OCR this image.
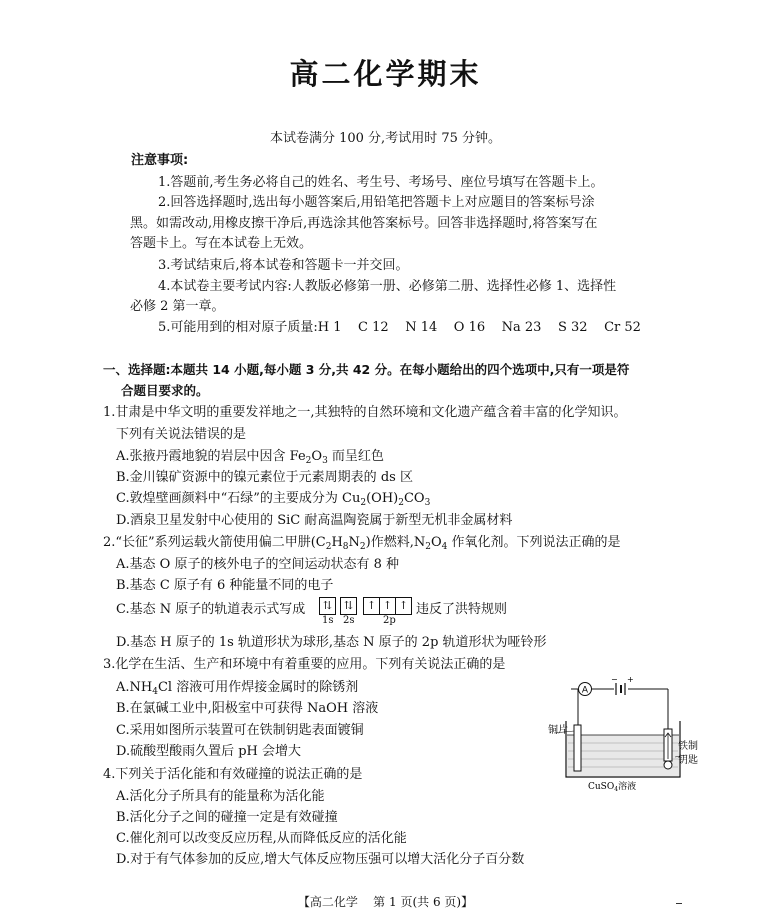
高二化学期末
本试卷满分 100 分,考试用时 75 分钟。
注意事项:
1.答题前,考生务必将自己的姓名、考生号、考场号、座位号填写在答题卡上。
2.回答选择题时,选出每小题答案后,用铅笔把答题卡上对应题目的答案标号涂
黑。如需改动,用橡皮擦干净后,再选涂其他答案标号。回答非选择题时,将答案写在
答题卡上。写在本试卷上无效。
3.考试结束后,将本试卷和答题卡一并交回。
4.本试卷主要考试内容:人教版必修第一册、必修第二册、选择性必修 1、选择性
必修 2 第一章。
5.可能用到的相对原子质量:H 1    C 12    N 14    O 16    Na 23    S 32    Cr 52
一、选择题:本题共 14 小题,每小题 3 分,共 42 分。在每小题给出的四个选项中,只有一项是符
合题目要求的。
1.甘肃是中华文明的重要发祥地之一,其独特的自然环境和文化遗产蕴含着丰富的化学知识。
下列有关说法错误的是
A.张掖丹霞地貌的岩层中因含 $Fe_2O_3$ 而呈红色
B.金川镍矿资源中的镍元素位于元素周期表的 ds 区
C.敦煌壁画颜料中“石绿”的主要成分为 $Cu_2(OH)_2CO_3$
D.酒泉卫星发射中心使用的 SiC 耐高温陶瓷属于新型无机非金属材料
2.“长征”系列运载火箭使用偏二甲肼$(C_2H_8N_2)$作燃料$,N_2O_4$ 作氧化剂。下列说法正确的是
A.基态 O 原子的核外电子的空间运动状态有 8 种
B.基态 C 原子有 6 种能量不同的电子
C.基态 N 原子的轨道表示式写成 ⇅ ⇅ ↑ ↑ ↑
1s 2s	2p
违反了洪特规则
D.基态 H 原子的 1s 轨道形状为球形,基态 N 原子的 2p 轨道形状为哑铃形
3.化学在生活、生产和环境中有着重要的应用。下列有关说法正确的是
$A.NH_4Cl$ 溶液可用作焊接金属时的除锈剂
B.在氯碱工业中,阳极室中可获得 NaOH 溶液
C.采用如图所示装置可在铁制钥匙表面镀铜
D.硫酸型酸雨久置后 pH 会增大
A
− +
铜片
铁制
钥匙
CuSO$_4$溶液
4.下列关于活化能和有效碰撞的说法正确的是
A.活化分子所具有的能量称为活化能
B.活化分子之间的碰撞一定是有效碰撞
C.催化剂可以改变反应历程,从而降低反应的活化能
D.对于有气体参加的反应,增大气体反应物压强可以增大活化分子百分数
【高二化学    第 1 页(共 6 页)】
